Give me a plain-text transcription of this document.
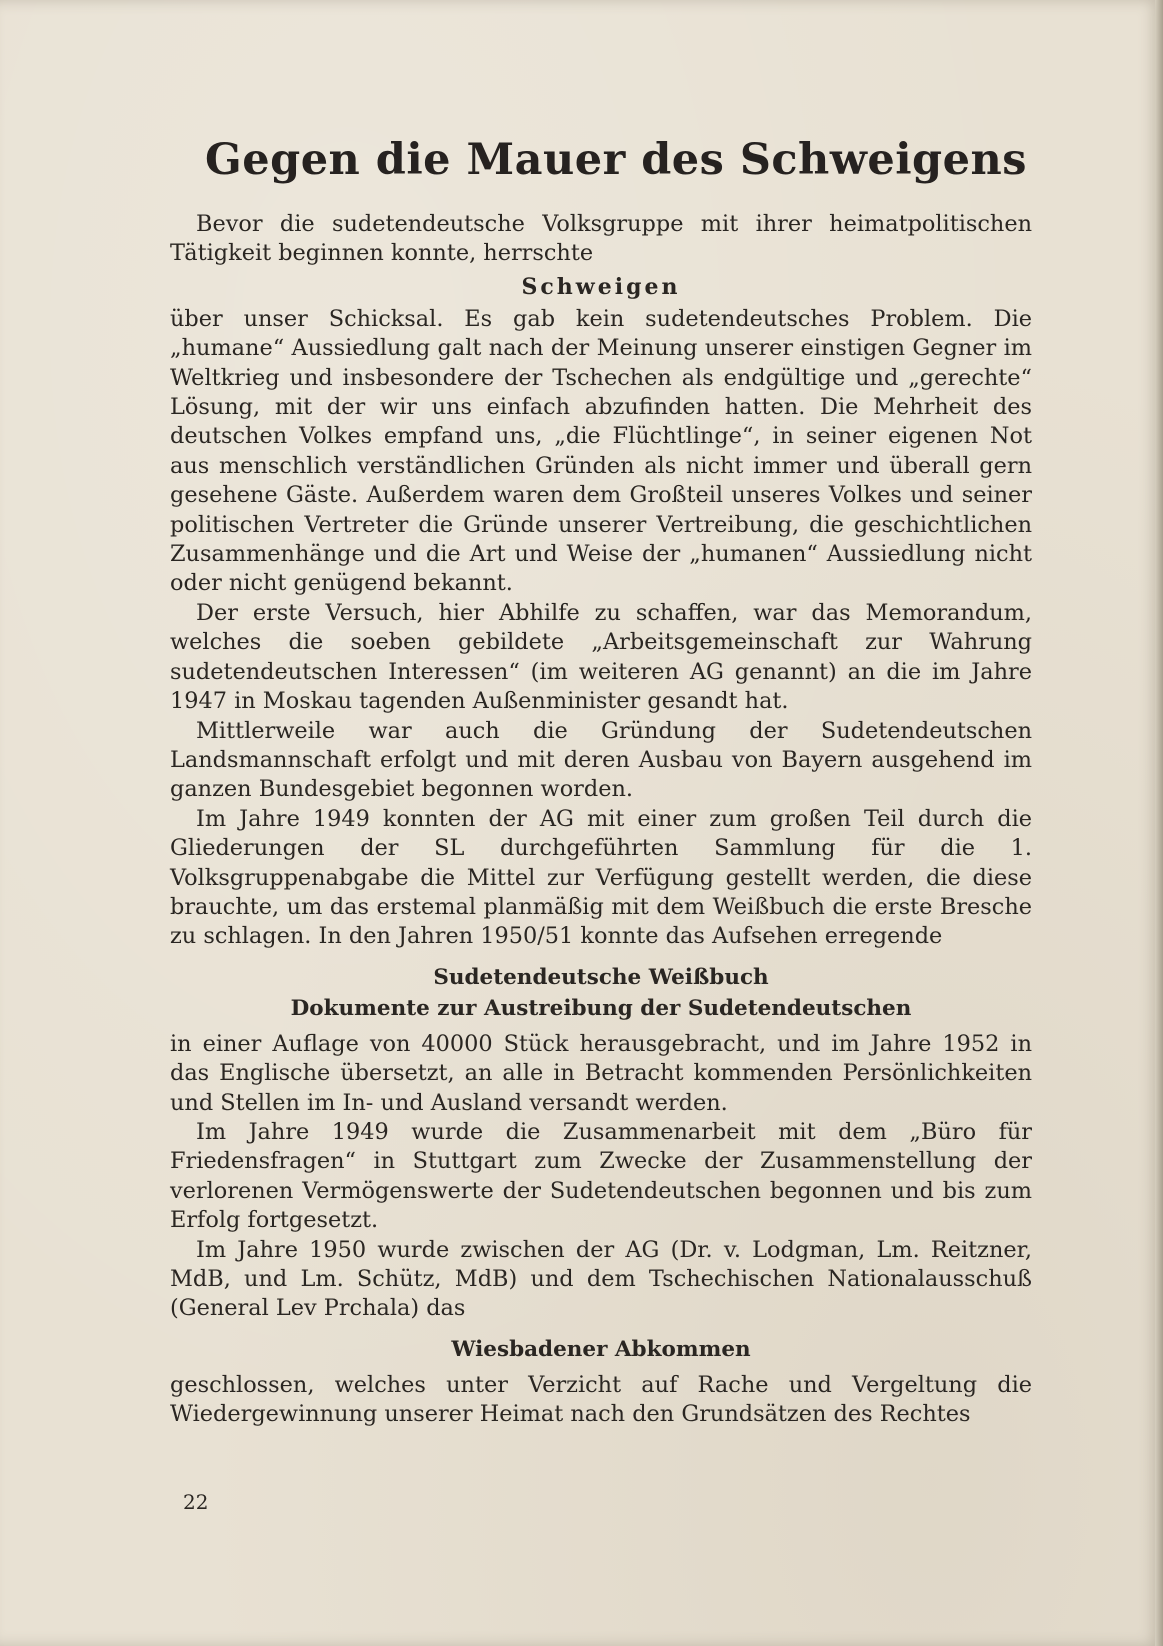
Gegen die Mauer des Schweigens

Bevor die sudetendeutsche Volksgruppe mit ihrer heimatpolitischen Tätigkeit beginnen konnte, herrschte

Schweigen

über unser Schicksal. Es gab kein sudetendeutsches Problem. Die „humane“ Aussiedlung galt nach der Meinung unserer einstigen Gegner im Weltkrieg und insbesondere der Tschechen als endgültige und „gerechte“ Lösung, mit der wir uns einfach abzufinden hatten. Die Mehrheit des deutschen Volkes empfand uns, „die Flüchtlinge“, in seiner eigenen Not aus menschlich verständlichen Gründen als nicht immer und überall gern gesehene Gäste. Außerdem waren dem Großteil unseres Volkes und seiner politischen Vertreter die Gründe unserer Vertreibung, die geschichtlichen Zusammenhänge und die Art und Weise der „humanen“ Aussiedlung nicht oder nicht genügend bekannt.

Der erste Versuch, hier Abhilfe zu schaffen, war das Memorandum, welches die soeben gebildete „Arbeitsgemeinschaft zur Wahrung sudetendeutschen Interessen“ (im weiteren AG genannt) an die im Jahre 1947 in Moskau tagenden Außenminister gesandt hat.

Mittlerweile war auch die Gründung der Sudetendeutschen Landsmannschaft erfolgt und mit deren Ausbau von Bayern ausgehend im ganzen Bundesgebiet begonnen worden.

Im Jahre 1949 konnten der AG mit einer zum großen Teil durch die Gliederungen der SL durchgeführten Sammlung für die 1. Volksgruppenabgabe die Mittel zur Verfügung gestellt werden, die diese brauchte, um das erstemal planmäßig mit dem Weißbuch die erste Bresche zu schlagen. In den Jahren 1950/51 konnte das Aufsehen erregende

Sudetendeutsche Weißbuch

Dokumente zur Austreibung der Sudetendeutschen

in einer Auflage von 40000 Stück herausgebracht, und im Jahre 1952 in das Englische übersetzt, an alle in Betracht kommenden Persönlichkeiten und Stellen im In- und Ausland versandt werden.

Im Jahre 1949 wurde die Zusammenarbeit mit dem „Büro für Friedensfragen“ in Stuttgart zum Zwecke der Zusammenstellung der verlorenen Vermögenswerte der Sudetendeutschen begonnen und bis zum Erfolg fortgesetzt.

Im Jahre 1950 wurde zwischen der AG (Dr. v. Lodgman, Lm. Reitzner, MdB, und Lm. Schütz, MdB) und dem Tschechischen Nationalausschuß (General Lev Prchala) das

Wiesbadener Abkommen

geschlossen, welches unter Verzicht auf Rache und Vergeltung die Wiedergewinnung unserer Heimat nach den Grundsätzen des Rechtes

22
